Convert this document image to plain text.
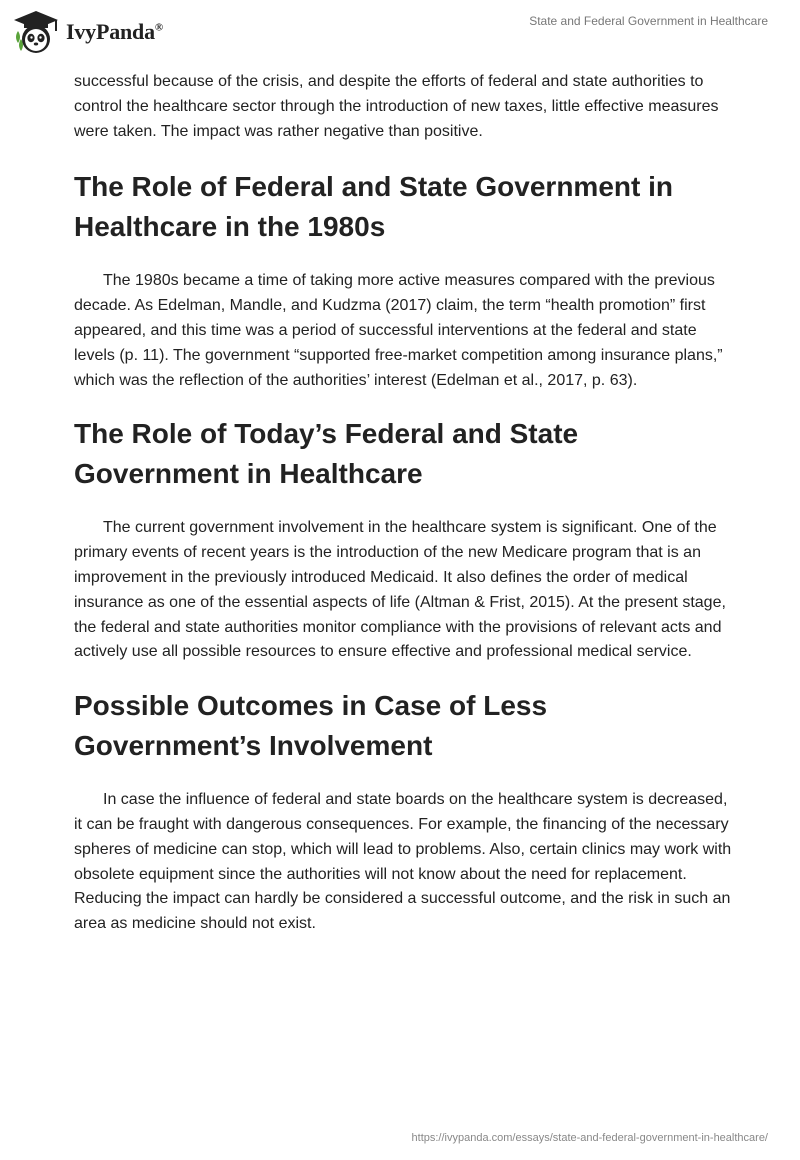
IvyPanda®	State and Federal Government in Healthcare

successful because of the crisis, and despite the efforts of federal and state authorities to control the healthcare sector through the introduction of new taxes, little effective measures were taken. The impact was rather negative than positive.

The Role of Federal and State Government in Healthcare in the 1980s

The 1980s became a time of taking more active measures compared with the previous decade. As Edelman, Mandle, and Kudzma (2017) claim, the term “health promotion” first appeared, and this time was a period of successful interventions at the federal and state levels (p. 11). The government “supported free-market competition among insurance plans,” which was the reflection of the authorities’ interest (Edelman et al., 2017, p. 63).

The Role of Today’s Federal and State Government in Healthcare

The current government involvement in the healthcare system is significant. One of the primary events of recent years is the introduction of the new Medicare program that is an improvement in the previously introduced Medicaid. It also defines the order of medical insurance as one of the essential aspects of life (Altman & Frist, 2015). At the present stage, the federal and state authorities monitor compliance with the provisions of relevant acts and actively use all possible resources to ensure effective and professional medical service.

Possible Outcomes in Case of Less Government’s Involvement

In case the influence of federal and state boards on the healthcare system is decreased, it can be fraught with dangerous consequences. For example, the financing of the necessary spheres of medicine can stop, which will lead to problems. Also, certain clinics may work with obsolete equipment since the authorities will not know about the need for replacement. Reducing the impact can hardly be considered a successful outcome, and the risk in such an area as medicine should not exist.

https://ivypanda.com/essays/state-and-federal-government-in-healthcare/
